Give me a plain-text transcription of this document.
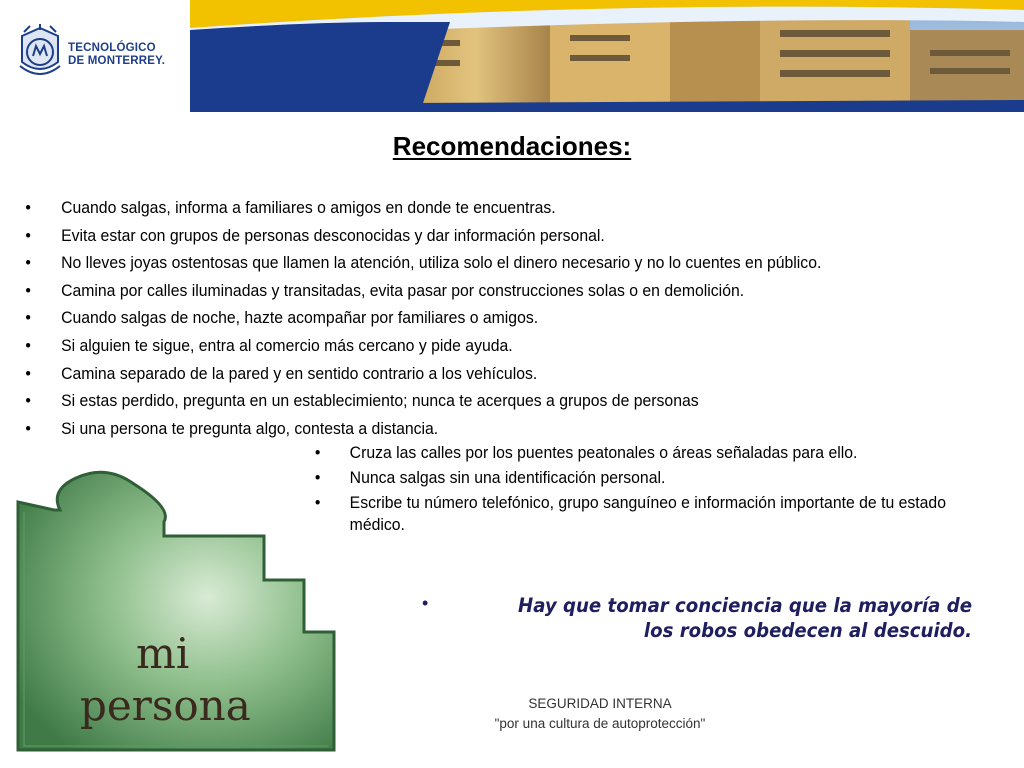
TECNOLÓGICO
DE MONTERREY.
Recomendaciones:
• Cuando salgas, informa a familiares o amigos en donde te encuentras.
• Evita estar con grupos de personas desconocidas y dar información personal.
• No lleves joyas ostentosas que llamen la atención, utiliza solo el dinero necesario y no lo cuentes en público.
• Camina por calles iluminadas y transitadas, evita pasar por construcciones solas o en demolición.
• Cuando salgas de noche, hazte acompañar por familiares o amigos.
• Si alguien te sigue, entra al comercio más cercano y pide ayuda.
• Camina separado de la pared y en sentido contrario a los vehículos.
• Si estas perdido, pregunta en un establecimiento; nunca te acerques a grupos de personas
• Si una persona te pregunta algo, contesta a distancia.
mi
persona
• Cruza las calles por los puentes peatonales o áreas señaladas para ello.
• Nunca salgas sin una identificación personal.
• Escribe tu número telefónico, grupo sanguíneo e información importante de tu estado médico.
•	Hay que tomar conciencia que la mayoría de los robos obedecen al descuido.
SEGURIDAD INTERNA
"por una cultura de autoprotección"
